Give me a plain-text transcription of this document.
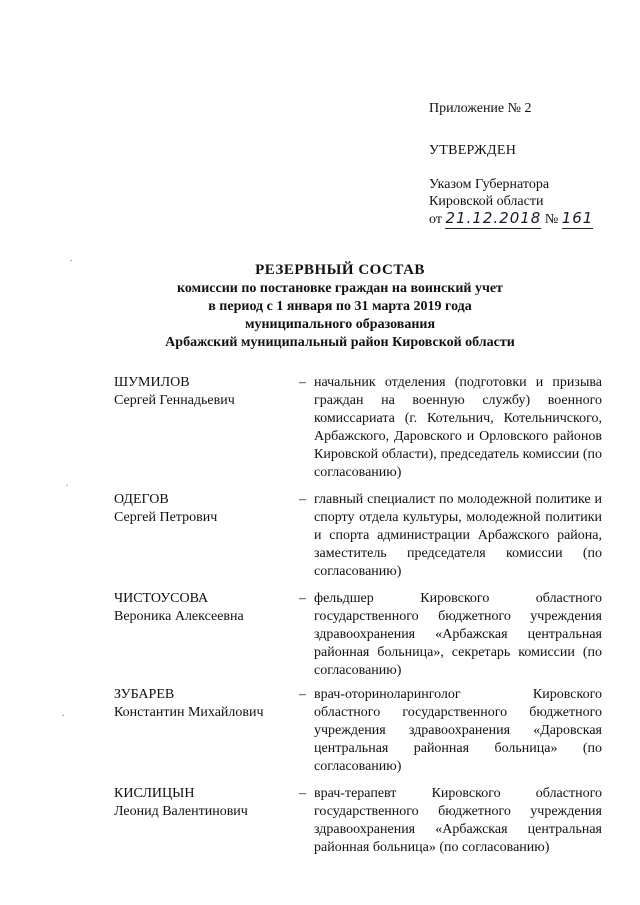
Приложение № 2
УТВЕРЖДЕН
Указом Губернатора
Кировской области
от 21.12.2018 № 161
РЕЗЕРВНЫЙ СОСТАВ
комиссии по постановке граждан на воинский учет
в период с 1 января по 31 марта 2019 года
муниципального образования
Арбажский муниципальный район Кировской области
ШУМИЛОВ
Сергей Геннадьевич
– начальник отделения (подготовки и призыва граждан на военную службу) военного комиссариата (г. Котельнич, Котельничского, Арбажского, Даровского и Орловского районов Кировской области), председатель комиссии (по согласованию)
ОДЕГОВ
Сергей Петрович
– главный специалист по молодежной политике и спорту отдела культуры, молодежной политики и спорта администрации Арбажского района, заместитель председателя комиссии (по согласованию)
ЧИСТОУСОВА
Вероника Алексеевна
– фельдшер Кировского областного государственного бюджетного учреждения здравоохранения «Арбажская центральная районная больница», секретарь комиссии (по согласованию)
ЗУБАРЕВ
Константин Михайлович
– врач-оториноларинголог Кировского областного государственного бюджетного учреждения здравоохранения «Даровская центральная районная больница» (по согласованию)
КИСЛИЦЫН
Леонид Валентинович
– врач-терапевт Кировского областного государственного бюджетного учреждения здравоохранения «Арбажская центральная районная больница» (по согласованию)
.
.
.
